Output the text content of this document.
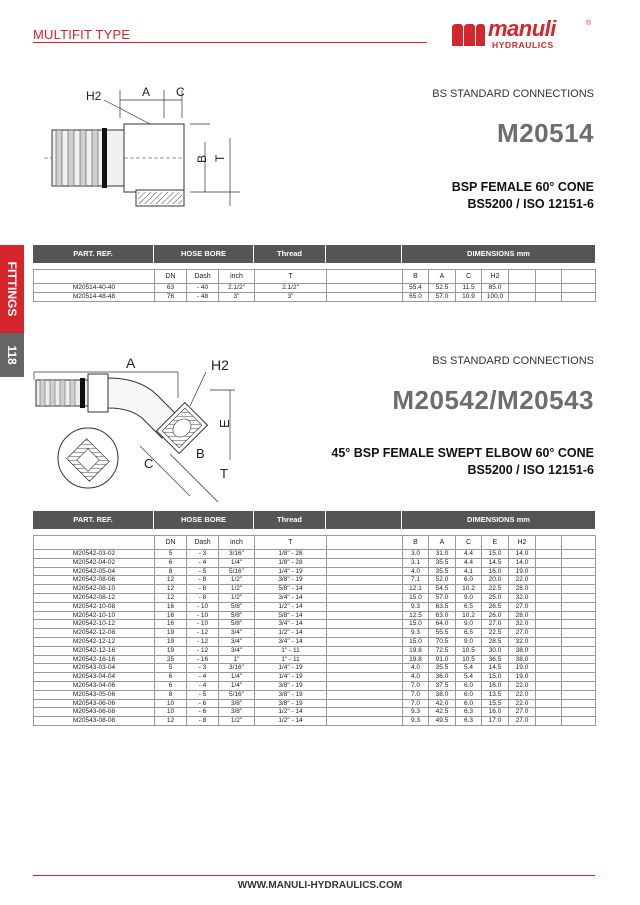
MULTIFIT TYPE	manuli
HYDRAULICS
®
FITTINGS
118
H2	A C
B T
BS STANDARD CONNECTIONS
M20514
BSP FEMALE 60° CONE
BS5200 / ISO 12151-6
PART. REF.	HOSE BORE	Thread	DIMENSIONS mm
	DN	Dash	inch	T		B	A	C	H2			
M20514-40-40	63	- 40	2.1/2"	2.1/2"		55.4	52.5	11.5	85.0			
M20514-48-48	76	- 48	3"	3"		65.0	57.0	10.9	100.0			
A	H2
E
C
B
T
BS STANDARD CONNECTIONS
M20542/M20543
45° BSP FEMALE SWEPT ELBOW 60° CONE
BS5200 / ISO 12151-6
PART. REF.	HOSE BORE	Thread	DIMENSIONS mm
	DN	Dash	inch	T		B	A	C	E	H2		
M20542-03-02	5	- 3	3/16"	1/8" - 28		3.0	31.0	4.4	15.0	14.0		
M20542-04-02	6	- 4	1/4"	1/8" - 28		3.1	35.5	4.4	14.5	14.0		
M20542-05-04	8	- 5	5/16"	1/4" - 19		4.0	35.5	4.1	16.0	19.0		
M20542-08-06	12	- 8	1/2"	3/8" - 19		7.1	52.0	6.0	20.0	22.0		
M20542-08-10	12	- 8	1/2"	5/8" - 14		12.1	54.5	10.2	22.5	28.0		
M20542-08-12	12	- 8	1/2"	3/4" - 14		15.0	57.0	9.0	25.0	32.0		
M20542-10-08	16	- 10	5/8"	1/2" - 14		9.3	63.5	6.5	26.5	27.0		
M20542-10-10	16	- 10	5/8"	5/8" - 14		12.5	63.0	10.2	26.0	28.0		
M20542-10-12	16	- 10	5/8"	3/4" - 14		15.0	64.0	9.0	27.0	32.0		
M20542-12-08	19	- 12	3/4"	1/2" - 14		9.3	55.5	6.5	22.5	27.0		
M20542-12-12	19	- 12	3/4"	3/4" - 14		15.0	70.5	9.0	28.5	32.0		
M20542-12-16	19	- 12	3/4"	1" - 11		19.8	72.5	10.5	30.0	38.0		
M20542-16-16	25	- 16	1"	1" - 11		19.8	91.0	10.5	36.5	38.0		
M20543-03-04	5	- 3	3/16"	1/4" - 19		4.0	35.5	5.4	14.5	19.0		
M20543-04-04	6	- 4	1/4"	1/4" - 19		4.0	36.0	5.4	15.0	19.0		
M20543-04-06	6	- 4	1/4"	3/8" - 19		7.0	37.5	6.0	16.0	22.0		
M20543-05-06	8	- 5	5/16"	3/8" - 19		7.0	38.0	6.0	13.5	22.0		
M20543-06-06	10	- 6	3/8"	3/8" - 19		7.0	42.0	6.0	15.5	22.0		
M20543-06-08	10	- 6	3/8"	1/2" - 14		9.3	42.5	6.3	16.0	27.0		
M20543-08-08	12	- 8	1/2"	1/2" - 14		9.3	49.5	6.3	17.0	27.0		
WWW.MANULI-HYDRAULICS.COM
